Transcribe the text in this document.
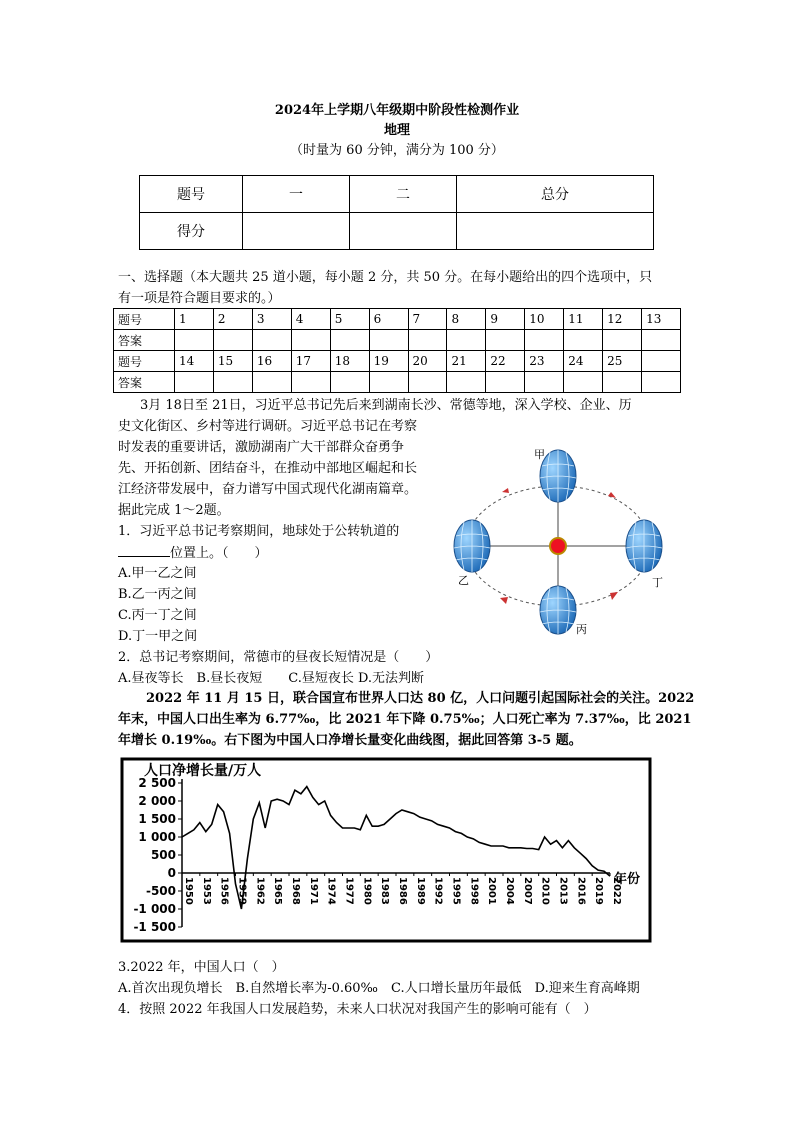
2024年上学期八年级期中阶段性检测作业
地理
（时量为 60 分钟，满分为 100 分）
题号	一	二	总分
得分			
一、选择题（本大题共 25 道小题，每小题 2 分，共 50 分。在每小题给出的四个选项中，只
有一项是符合题目要求的。）
题号	1	2	3	4	5	6	7	8	9	10	11	12	13
答案													
题号	14	15	16	17	18	19	20	21	22	23	24	25	
答案													
3月 18日至 21日，习近平总书记先后来到湖南长沙、常德等地，深入学校、企业、历
史文化街区、乡村等进行调研。习近平总书记在考察
时发表的重要讲话，激励湖南广大干部群众奋勇争
先、开拓创新、团结奋斗，在推动中部地区崛起和长
江经济带发展中，奋力谱写中国式现代化湖南篇章。
据此完成 1～2题。
1．习近平总书记考察期间，地球处于公转轨道的
位置上。（　　）
A.甲一乙之间
B.乙一丙之间
C.丙一丁之间
D.丁一甲之间
2．总书记考察期间，常德市的昼夜长短情况是（　　）
A.昼夜等长　B.昼长夜短　　C.昼短夜长 D.无法判断
甲
乙	丁
丙
2022 年 11 月 15 日，联合国宣布世界人口达 80 亿，人口问题引起国际社会的关注。2022
年末，中国人口出生率为 6.77‰，比 2021 年下降 0.75‰；人口死亡率为 7.37‰，比 2021
年增长 0.19‰。右下图为中国人口净增长量变化曲线图，据此回答第 3-5 题。
人口净增长量/万人
年份
2 500
2 000
1 500
1 000
500
0
-500
-1 000
-1 500
1950 1953 1956 1959 1962 1965 1968 1971 1974 1977 1980 1983 1986 1989 1992 1995 1998 2001 2004 2007 2010 2013 2016 2019 2022
3.2022 年，中国人口（　）
A.首次出现负增长　B.自然增长率为-0.60‰　C.人口增长量历年最低　D.迎来生育高峰期
4．按照 2022 年我国人口发展趋势，未来人口状况对我国产生的影响可能有（　）
